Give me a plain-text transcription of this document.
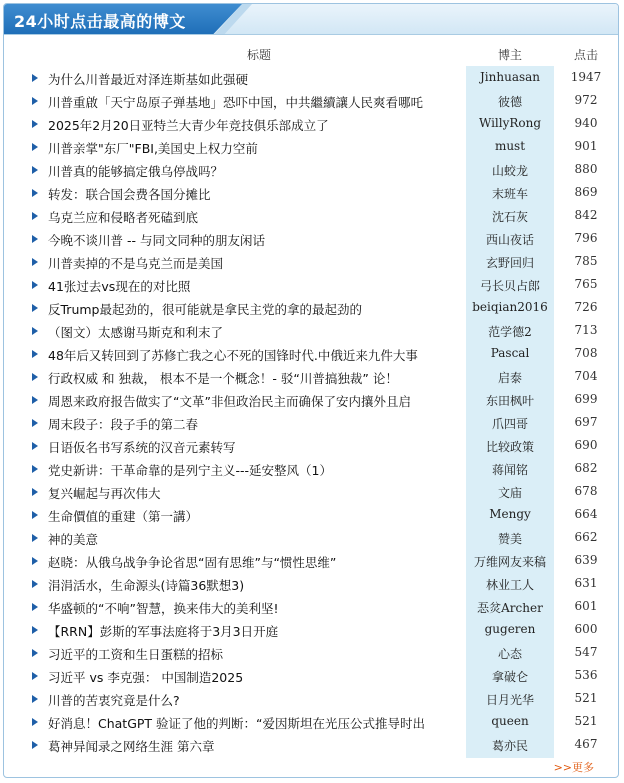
24小时点击最高的博文
标题	博主	点击
为什么川普最近对泽连斯基如此强硬	Jinhuasan	1947
川普重啟「天宁岛原子弹基地」恐吓中国，中共繼續讓人民爽看哪吒	彼德	972
2025年2月20日亚特兰大青少年竞技俱乐部成立了	WillyRong	940
川普亲掌"东厂"FBI,美国史上权力空前	must	901
川普真的能够搞定俄乌停战吗？	山蛟龙	880
转发：联合国会费各国分摊比	末班车	869
乌克兰应和侵略者死磕到底	沈石灰	842
今晚不谈川普 -- 与同文同种的朋友闲话	西山夜话	796
川普卖掉的不是乌克兰而是美国	玄野回归	785
41张过去vs现在的对比照	弓长贝占郎	765
反Trump最起劲的，很可能就是拿民主党的拿的最起劲的	beiqian2016	726
（图文）太感谢马斯克和利末了	范学德2	713
48年后又转回到了苏修亡我之心不死的国锋时代.中俄近来九件大事	Pascal	708
行政权威 和 独裁， 根本不是一个概念！- 驳“川普搞独裁” 论！	启泰	704
周恩来政府报告做实了“文革”非但政治民主而确保了安内攘外且启	东田枫叶	699
周末段子：段子手的第二春	爪四哥	697
日语仮名书写系统的汉音元素转写	比较政策	690
党史新讲：干革命靠的是列宁主义---延安整风（1）	蒋闻铭	682
复兴崛起与再次伟大	文庙	678
生命價值的重建（第一講）	Mengy	664
神的美意	赞美	662
赵晓：从俄乌战争争论省思“固有思维”与“惯性思维”	万维网友来稿	639
涓涓活水，生命源头(诗篇36默想3)	林业工人	631
华盛顿的“不响”智慧，换来伟大的美利坚!	忢炃Archer	601
【RRN】彭斯的军事法庭将于3月3日开庭	gugeren	600
习近平的工资和生日蛋糕的招标	心态	547
习近平 vs 李克强： 中国制造2025	拿破仑	536
川普的苦衷究竟是什么?	日月光华	521
好消息！ChatGPT 验证了他的判断：“爱因斯坦在光压公式推导时出	queen	521
葛神异闻录之网络生涯 第六章	葛亦民	467
>>更多
